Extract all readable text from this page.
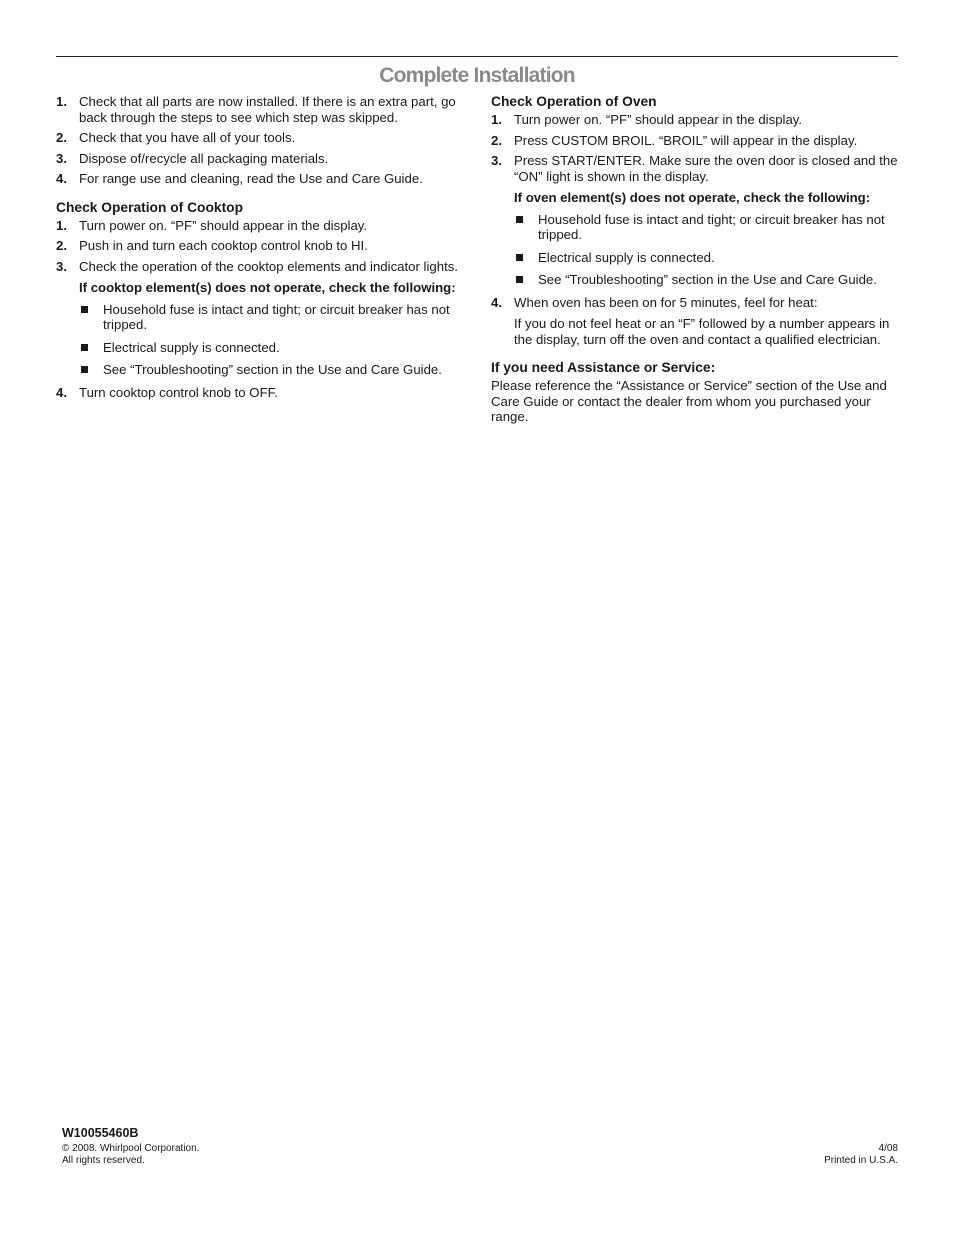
Complete Installation
1. Check that all parts are now installed. If there is an extra part, go back through the steps to see which step was skipped.
2. Check that you have all of your tools.
3. Dispose of/recycle all packaging materials.
4. For range use and cleaning, read the Use and Care Guide.
Check Operation of Cooktop
1. Turn power on. “PF” should appear in the display.
2. Push in and turn each cooktop control knob to HI.
3. Check the operation of the cooktop elements and indicator lights.
If cooktop element(s) does not operate, check the following:
Household fuse is intact and tight; or circuit breaker has not tripped.
Electrical supply is connected.
See “Troubleshooting” section in the Use and Care Guide.
4. Turn cooktop control knob to OFF.
Check Operation of Oven
1. Turn power on. “PF” should appear in the display.
2. Press CUSTOM BROIL. “BROIL” will appear in the display.
3. Press START/ENTER. Make sure the oven door is closed and the “ON” light is shown in the display.
If oven element(s) does not operate, check the following:
Household fuse is intact and tight; or circuit breaker has not tripped.
Electrical supply is connected.
See “Troubleshooting” section in the Use and Care Guide.
4. When oven has been on for 5 minutes, feel for heat:
If you do not feel heat or an “F” followed by a number appears in the display, turn off the oven and contact a qualified electrician.
If you need Assistance or Service:
Please reference the “Assistance or Service” section of the Use and Care Guide or contact the dealer from whom you purchased your range.
W10055460B
© 2008. Whirlpool Corporation.
All rights reserved.
4/08
Printed in U.S.A.
